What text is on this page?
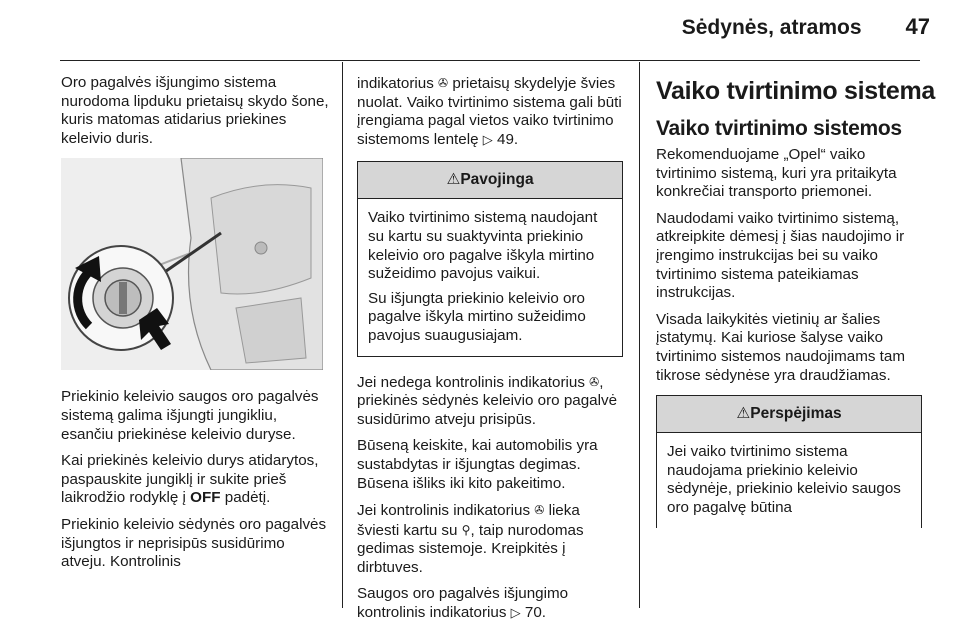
Sėdynės, atramos 47

Oro pagalvės išjungimo sistema nurodoma lipduku prietaisų skydo šone, kuris matomas atidarius priekines keleivio duris.

Priekinio keleivio saugos oro pagalvės sistemą galima išjungti jungikliu, esančiu priekinėse keleivio duryse.

Kai priekinės keleivio durys atidarytos, paspauskite jungiklį ir sukite prieš laikrodžio rodyklę į OFF padėtį.

Priekinio keleivio sėdynės oro pagalvės išjungtos ir neprisipūs susidūrimo atveju. Kontrolinis

indikatorius ✇ prietaisų skydelyje švies nuolat. Vaiko tvirtinimo sistema gali būti įrengiama pagal vietos vaiko tvirtinimo sistemoms lentelę ▷ 49.

⚠Pavojinga

Vaiko tvirtinimo sistemą naudojant su kartu su suaktyvinta priekinio keleivio oro pagalve iškyla mirtino sužeidimo pavojus vaikui.

Su išjungta priekinio keleivio oro pagalve iškyla mirtino sužeidimo pavojus suaugusiajam.

Jei nedega kontrolinis indikatorius ✇, priekinės sėdynės keleivio oro pagalvė susidūrimo atveju prisipūs.

Būseną keiskite, kai automobilis yra sustabdytas ir išjungtas degimas. Būsena išliks iki kito pakeitimo.

Jei kontrolinis indikatorius ✇ lieka šviesti kartu su ⚲, taip nurodomas gedimas sistemoje. Kreipkitės į dirbtuves.

Saugos oro pagalvės išjungimo kontrolinis indikatorius ▷ 70.

Vaiko tvirtinimo sistema
Vaiko tvirtinimo sistemos

Rekomenduojame „Opel“ vaiko tvirtinimo sistemą, kuri yra pritaikyta konkrečiai transporto priemonei.

Naudodami vaiko tvirtinimo sistemą, atkreipkite dėmesį į šias naudojimo ir įrengimo instrukcijas bei su vaiko tvirtinimo sistema pateikiamas instrukcijas.

Visada laikykitės vietinių ar šalies įstatymų. Kai kuriose šalyse vaiko tvirtinimo sistemos naudojimams tam tikrose sėdynėse yra draudžiamas.

⚠Perspėjimas

Jei vaiko tvirtinimo sistema naudojama priekinio keleivio sėdynėje, priekinio keleivio saugos oro pagalvę būtina
